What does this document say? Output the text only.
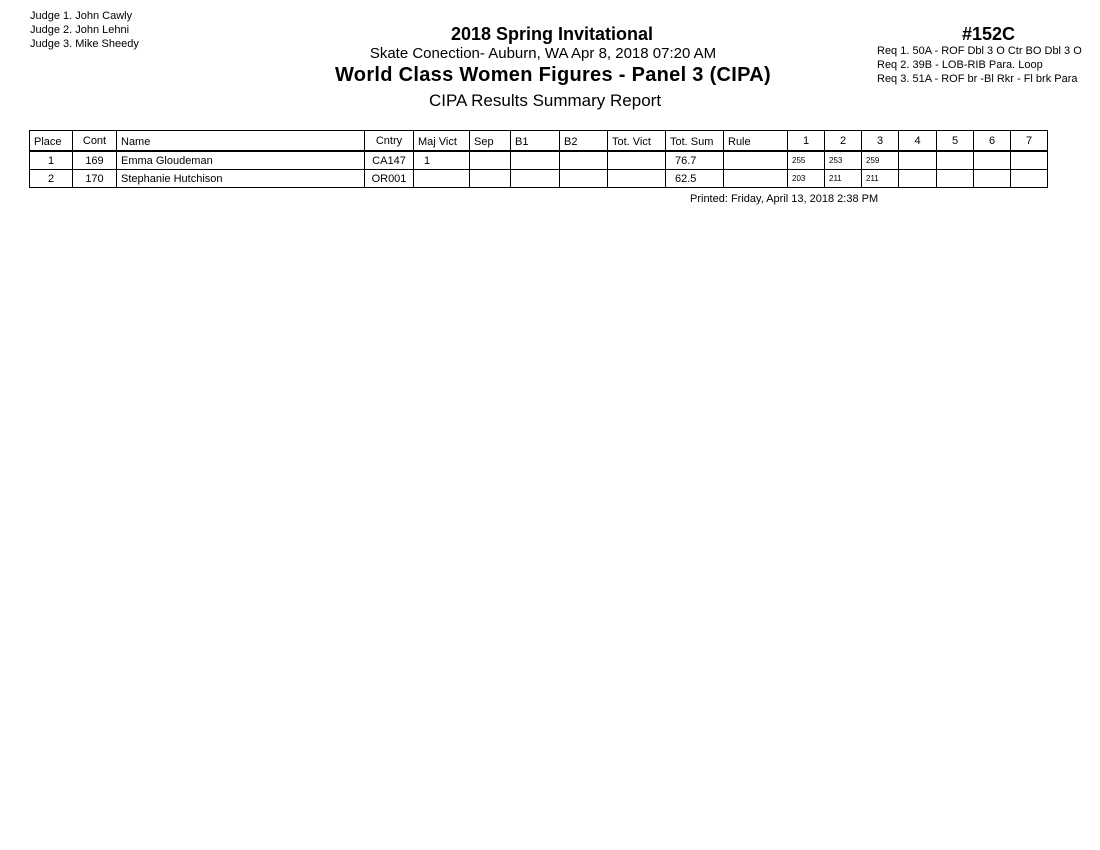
Judge 1. John Cawly
Judge 2. John Lehni
Judge 3. Mike Sheedy	2018 Spring Invitational
Skate Conection- Auburn, WA Apr 8, 2018 07:20 AM
World Class Women Figures - Panel 3 (CIPA)
CIPA Results Summary Report
#152C
Req 1. 50A - ROF Dbl 3 O Ctr BO Dbl 3 O
Req 2. 39B - LOB-RIB Para. Loop
Req 3. 51A - ROF br -Bl Rkr - Fl brk Para
Place	Cont	Name	Cntry	Maj Vict	Sep	B1	B2	Tot. Vict	Tot. Sum	Rule	1	2	3	4	5	6	7
1	169	Emma Gloudeman	CA147	1					76.7		255	253	259				
2	170	Stephanie Hutchison	OR001						62.5		203	211	211				
Printed: Friday, April 13, 2018 2:38 PM
